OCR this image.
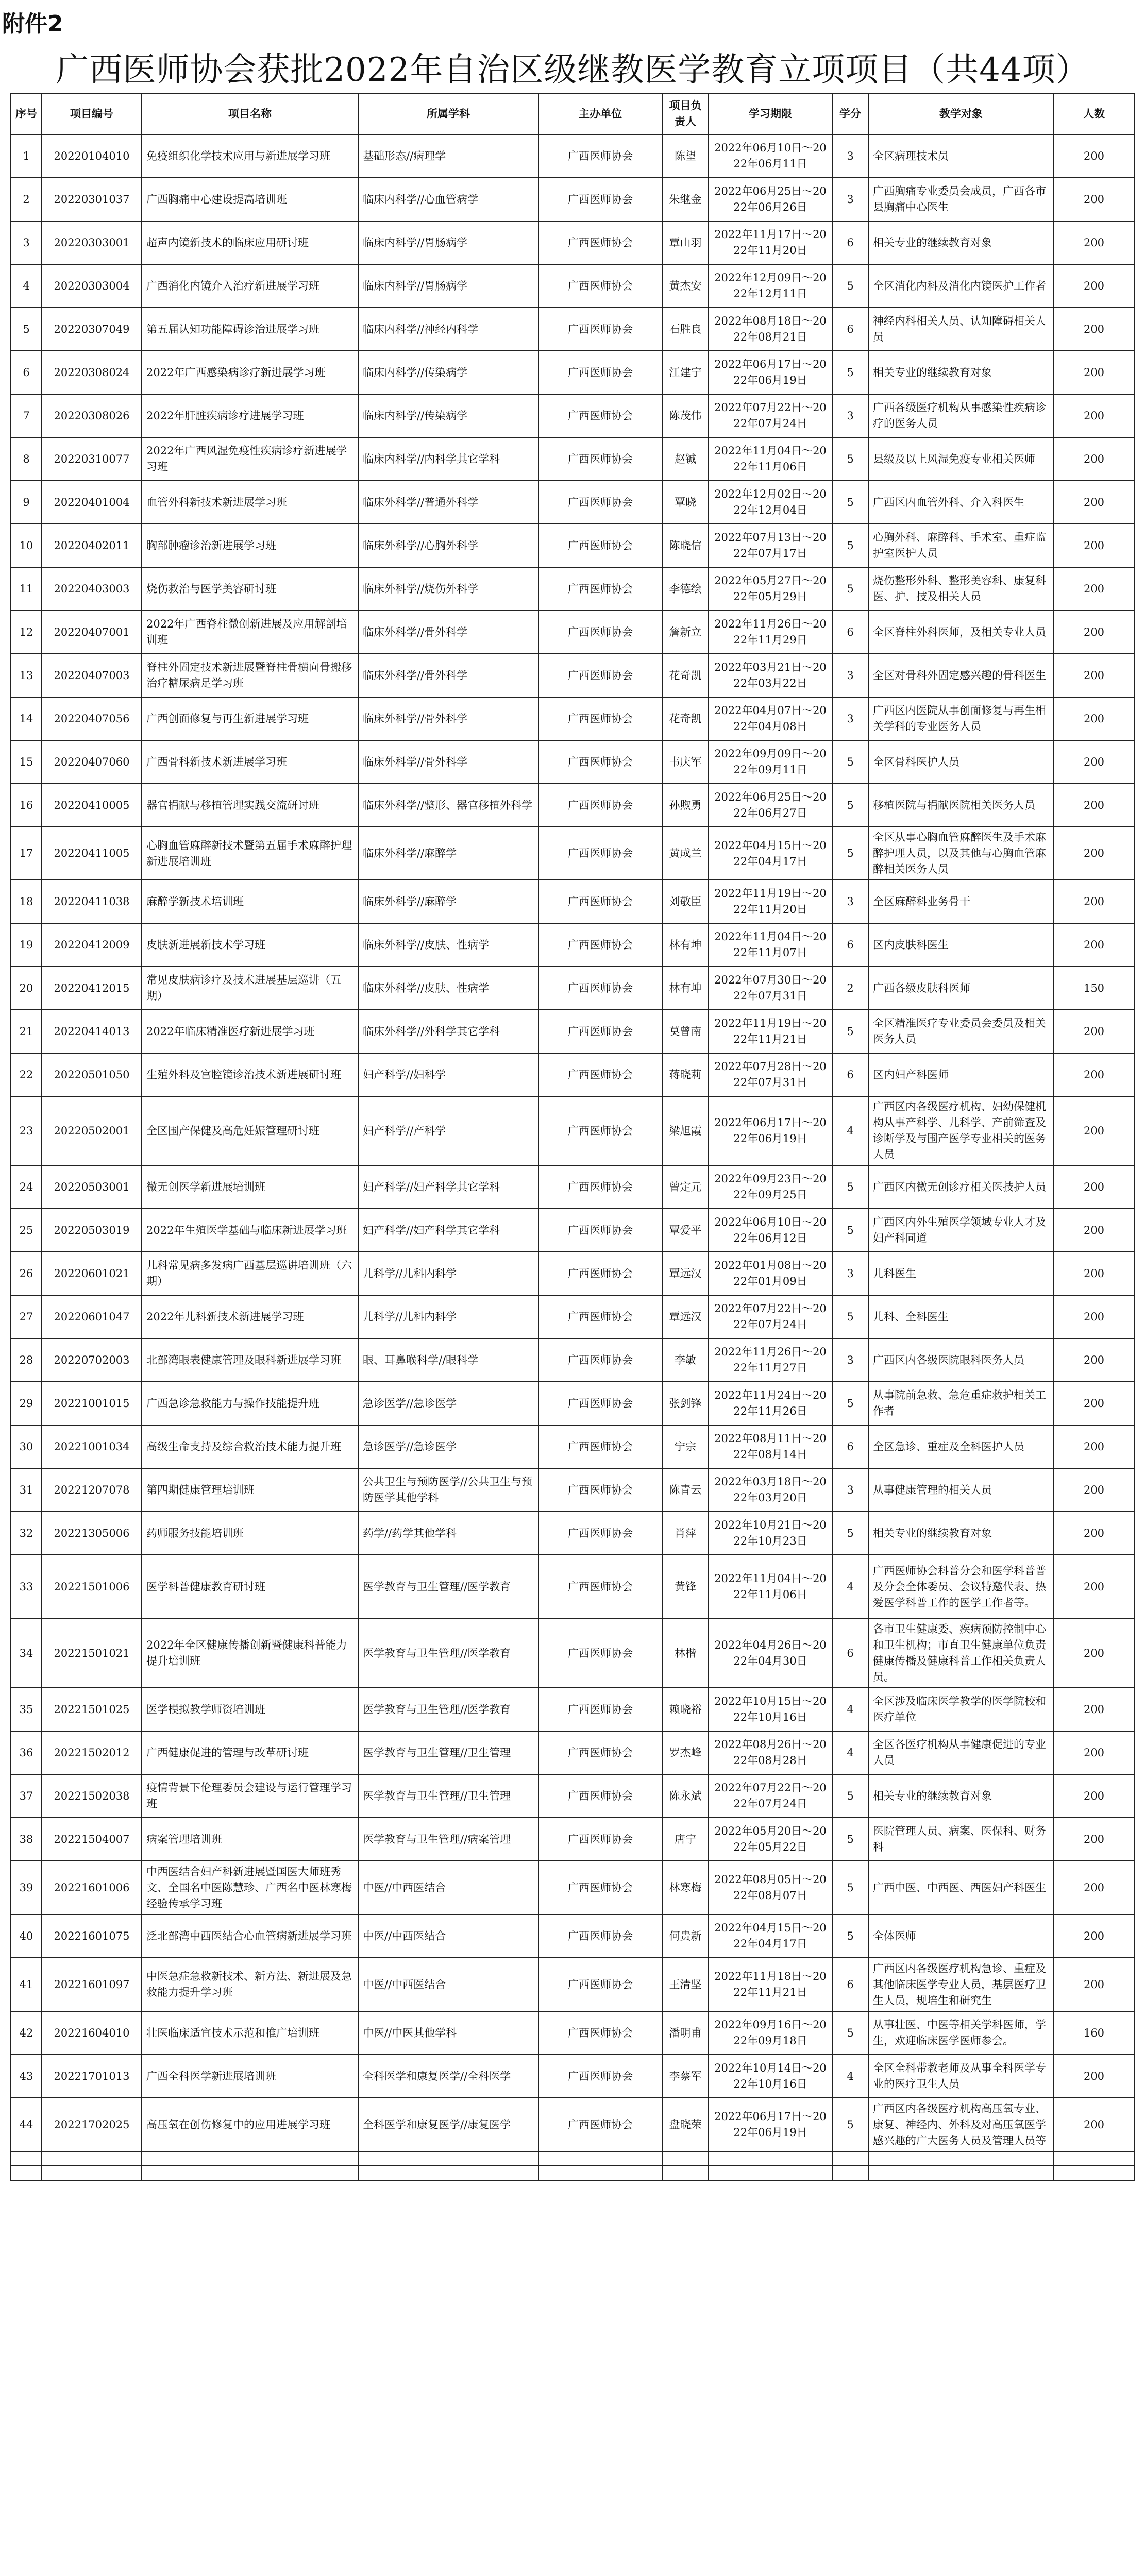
附件2
广西医师协会获批2022年自治区级继教医学教育立项项目（共44项）
序号	项目编号	项目名称	所属学科	主办单位	项目负责人	学习期限	学分	教学对象	人数
1	20220104010	免疫组织化学技术应用与新进展学习班	基础形态//病理学	广西医师协会	陈望	2022年06月10日～2022年06月11日	3	全区病理技术员	200
2	20220301037	广西胸痛中心建设提高培训班	临床内科学//心血管病学	广西医师协会	朱继金	2022年06月25日～2022年06月26日	3	广西胸痛专业委员会成员，广西各市县胸痛中心医生	200
3	20220303001	超声内镜新技术的临床应用研讨班	临床内科学//胃肠病学	广西医师协会	覃山羽	2022年11月17日～2022年11月20日	6	相关专业的继续教育对象	200
4	20220303004	广西消化内镜介入治疗新进展学习班	临床内科学//胃肠病学	广西医师协会	黄杰安	2022年12月09日～2022年12月11日	5	全区消化内科及消化内镜医护工作者	200
5	20220307049	第五届认知功能障碍诊治进展学习班	临床内科学//神经内科学	广西医师协会	石胜良	2022年08月18日～2022年08月21日	6	神经内科相关人员、认知障碍相关人员	200
6	20220308024	2022年广西感染病诊疗新进展学习班	临床内科学//传染病学	广西医师协会	江建宁	2022年06月17日～2022年06月19日	5	相关专业的继续教育对象	200
7	20220308026	2022年肝脏疾病诊疗进展学习班	临床内科学//传染病学	广西医师协会	陈茂伟	2022年07月22日～2022年07月24日	3	广西各级医疗机构从事感染性疾病诊疗的医务人员	200
8	20220310077	2022年广西风湿免疫性疾病诊疗新进展学习班	临床内科学//内科学其它学科	广西医师协会	赵铖	2022年11月04日～2022年11月06日	5	县级及以上风湿免疫专业相关医师	200
9	20220401004	血管外科新技术新进展学习班	临床外科学//普通外科学	广西医师协会	覃晓	2022年12月02日～2022年12月04日	5	广西区内血管外科、介入科医生	200
10	20220402011	胸部肿瘤诊治新进展学习班	临床外科学//心胸外科学	广西医师协会	陈晓信	2022年07月13日～2022年07月17日	5	心胸外科、麻醉科、手术室、重症监护室医护人员	200
11	20220403003	烧伤救治与医学美容研讨班	临床外科学//烧伤外科学	广西医师协会	李德绘	2022年05月27日～2022年05月29日	5	烧伤整形外科、整形美容科、康复科医、护、技及相关人员	200
12	20220407001	2022年广西脊柱微创新进展及应用解剖培训班	临床外科学//骨外科学	广西医师协会	詹新立	2022年11月26日～2022年11月29日	6	全区脊柱外科医师，及相关专业人员	200
13	20220407003	脊柱外固定技术新进展暨脊柱骨横向骨搬移治疗糖尿病足学习班	临床外科学//骨外科学	广西医师协会	花奇凯	2022年03月21日～2022年03月22日	3	全区对骨科外固定感兴趣的骨科医生	200
14	20220407056	广西创面修复与再生新进展学习班	临床外科学//骨外科学	广西医师协会	花奇凯	2022年04月07日～2022年04月08日	3	广西区内医院从事创面修复与再生相关学科的专业医务人员	200
15	20220407060	广西骨科新技术新进展学习班	临床外科学//骨外科学	广西医师协会	韦庆军	2022年09月09日～2022年09月11日	5	全区骨科医护人员	200
16	20220410005	器官捐献与移植管理实践交流研讨班	临床外科学//整形、器官移植外科学	广西医师协会	孙煦勇	2022年06月25日～2022年06月27日	5	移植医院与捐献医院相关医务人员	200
17	20220411005	心胸血管麻醉新技术暨第五届手术麻醉护理新进展培训班	临床外科学//麻醉学	广西医师协会	黄成兰	2022年04月15日～2022年04月17日	5	全区从事心胸血管麻醉医生及手术麻醉护理人员，以及其他与心胸血管麻醉相关医务人员	200
18	20220411038	麻醉学新技术培训班	临床外科学//麻醉学	广西医师协会	刘敬臣	2022年11月19日～2022年11月20日	3	全区麻醉科业务骨干	200
19	20220412009	皮肤新进展新技术学习班	临床外科学//皮肤、性病学	广西医师协会	林有坤	2022年11月04日～2022年11月07日	6	区内皮肤科医生	200
20	20220412015	常见皮肤病诊疗及技术进展基层巡讲（五期）	临床外科学//皮肤、性病学	广西医师协会	林有坤	2022年07月30日～2022年07月31日	2	广西各级皮肤科医师	150
21	20220414013	2022年临床精准医疗新进展学习班	临床外科学//外科学其它学科	广西医师协会	莫曾南	2022年11月19日～2022年11月21日	5	全区精准医疗专业委员会委员及相关医务人员	200
22	20220501050	生殖外科及宫腔镜诊治技术新进展研讨班	妇产科学//妇科学	广西医师协会	蒋晓莉	2022年07月28日～2022年07月31日	6	区内妇产科医师	200
23	20220502001	全区围产保健及高危妊娠管理研讨班	妇产科学//产科学	广西医师协会	梁旭霞	2022年06月17日～2022年06月19日	4	广西区内各级医疗机构、妇幼保健机构从事产科学、儿科学、产前筛查及诊断学及与围产医学专业相关的医务人员	200
24	20220503001	微无创医学新进展培训班	妇产科学//妇产科学其它学科	广西医师协会	曾定元	2022年09月23日～2022年09月25日	5	广西区内微无创诊疗相关医技护人员	200
25	20220503019	2022年生殖医学基础与临床新进展学习班	妇产科学//妇产科学其它学科	广西医师协会	覃爱平	2022年06月10日～2022年06月12日	5	广西区内外生殖医学领域专业人才及妇产科同道	200
26	20220601021	儿科常见病多发病广西基层巡讲培训班（六期）	儿科学//儿科内科学	广西医师协会	覃远汉	2022年01月08日～2022年01月09日	3	儿科医生	200
27	20220601047	2022年儿科新技术新进展学习班	儿科学//儿科内科学	广西医师协会	覃远汉	2022年07月22日～2022年07月24日	5	儿科、全科医生	200
28	20220702003	北部湾眼表健康管理及眼科新进展学习班	眼、耳鼻喉科学//眼科学	广西医师协会	李敏	2022年11月26日～2022年11月27日	3	广西区内各级医院眼科医务人员	200
29	20221001015	广西急诊急救能力与操作技能提升班	急诊医学//急诊医学	广西医师协会	张剑锋	2022年11月24日～2022年11月26日	5	从事院前急救、急危重症救护相关工作者	200
30	20221001034	高级生命支持及综合救治技术能力提升班	急诊医学//急诊医学	广西医师协会	宁宗	2022年08月11日～2022年08月14日	6	全区急诊、重症及全科医护人员	200
31	20221207078	第四期健康管理培训班	公共卫生与预防医学//公共卫生与预防医学其他学科	广西医师协会	陈青云	2022年03月18日～2022年03月20日	3	从事健康管理的相关人员	200
32	20221305006	药师服务技能培训班	药学//药学其他学科	广西医师协会	肖萍	2022年10月21日～2022年10月23日	5	相关专业的继续教育对象	200
33	20221501006	医学科普健康教育研讨班	医学教育与卫生管理//医学教育	广西医师协会	黄锋	2022年11月04日～2022年11月06日	4	广西医师协会科普分会和医学科普普及分会全体委员、会议特邀代表、热爱医学科普工作的医学工作者等。	200
34	20221501021	2022年全区健康传播创新暨健康科普能力提升培训班	医学教育与卫生管理//医学教育	广西医师协会	林楷	2022年04月26日～2022年04月30日	6	各市卫生健康委、疾病预防控制中心和卫生机构；市直卫生健康单位负责健康传播及健康科普工作相关负责人员。	200
35	20221501025	医学模拟教学师资培训班	医学教育与卫生管理//医学教育	广西医师协会	赖晓裕	2022年10月15日～2022年10月16日	4	全区涉及临床医学教学的医学院校和医疗单位	200
36	20221502012	广西健康促进的管理与改革研讨班	医学教育与卫生管理//卫生管理	广西医师协会	罗杰峰	2022年08月26日～2022年08月28日	4	全区各医疗机构从事健康促进的专业人员	200
37	20221502038	疫情背景下伦理委员会建设与运行管理学习班	医学教育与卫生管理//卫生管理	广西医师协会	陈永斌	2022年07月22日～2022年07月24日	5	相关专业的继续教育对象	200
38	20221504007	病案管理培训班	医学教育与卫生管理//病案管理	广西医师协会	唐宁	2022年05月20日～2022年05月22日	5	医院管理人员、病案、医保科、财务科	200
39	20221601006	中西医结合妇产科新进展暨国医大师班秀文、全国名中医陈慧珍、广西名中医林寒梅经验传承学习班	中医//中西医结合	广西医师协会	林寒梅	2022年08月05日～2022年08月07日	5	广西中医、中西医、西医妇产科医生	200
40	20221601075	泛北部湾中西医结合心血管病新进展学习班	中医//中西医结合	广西医师协会	何贵新	2022年04月15日～2022年04月17日	5	全体医师	200
41	20221601097	中医急症急救新技术、新方法、新进展及急救能力提升学习班	中医//中西医结合	广西医师协会	王清坚	2022年11月18日～2022年11月21日	6	广西区内各级医疗机构急诊、重症及其他临床医学专业人员，基层医疗卫生人员，规培生和研究生	200
42	20221604010	壮医临床适宜技术示范和推广培训班	中医//中医其他学科	广西医师协会	潘明甫	2022年09月16日～2022年09月18日	5	从事壮医、中医等相关学科医师，学生，欢迎临床医学医师参会。	160
43	20221701013	广西全科医学新进展培训班	全科医学和康复医学//全科医学	广西医师协会	李蔡军	2022年10月14日～2022年10月16日	4	全区全科带教老师及从事全科医学专业的医疗卫生人员	200
44	20221702025	高压氧在创伤修复中的应用进展学习班	全科医学和康复医学//康复医学	广西医师协会	盘晓荣	2022年06月17日～2022年06月19日	5	广西区内各级医疗机构高压氧专业、康复、神经内、外科及对高压氧医学感兴趣的广大医务人员及管理人员等	200
